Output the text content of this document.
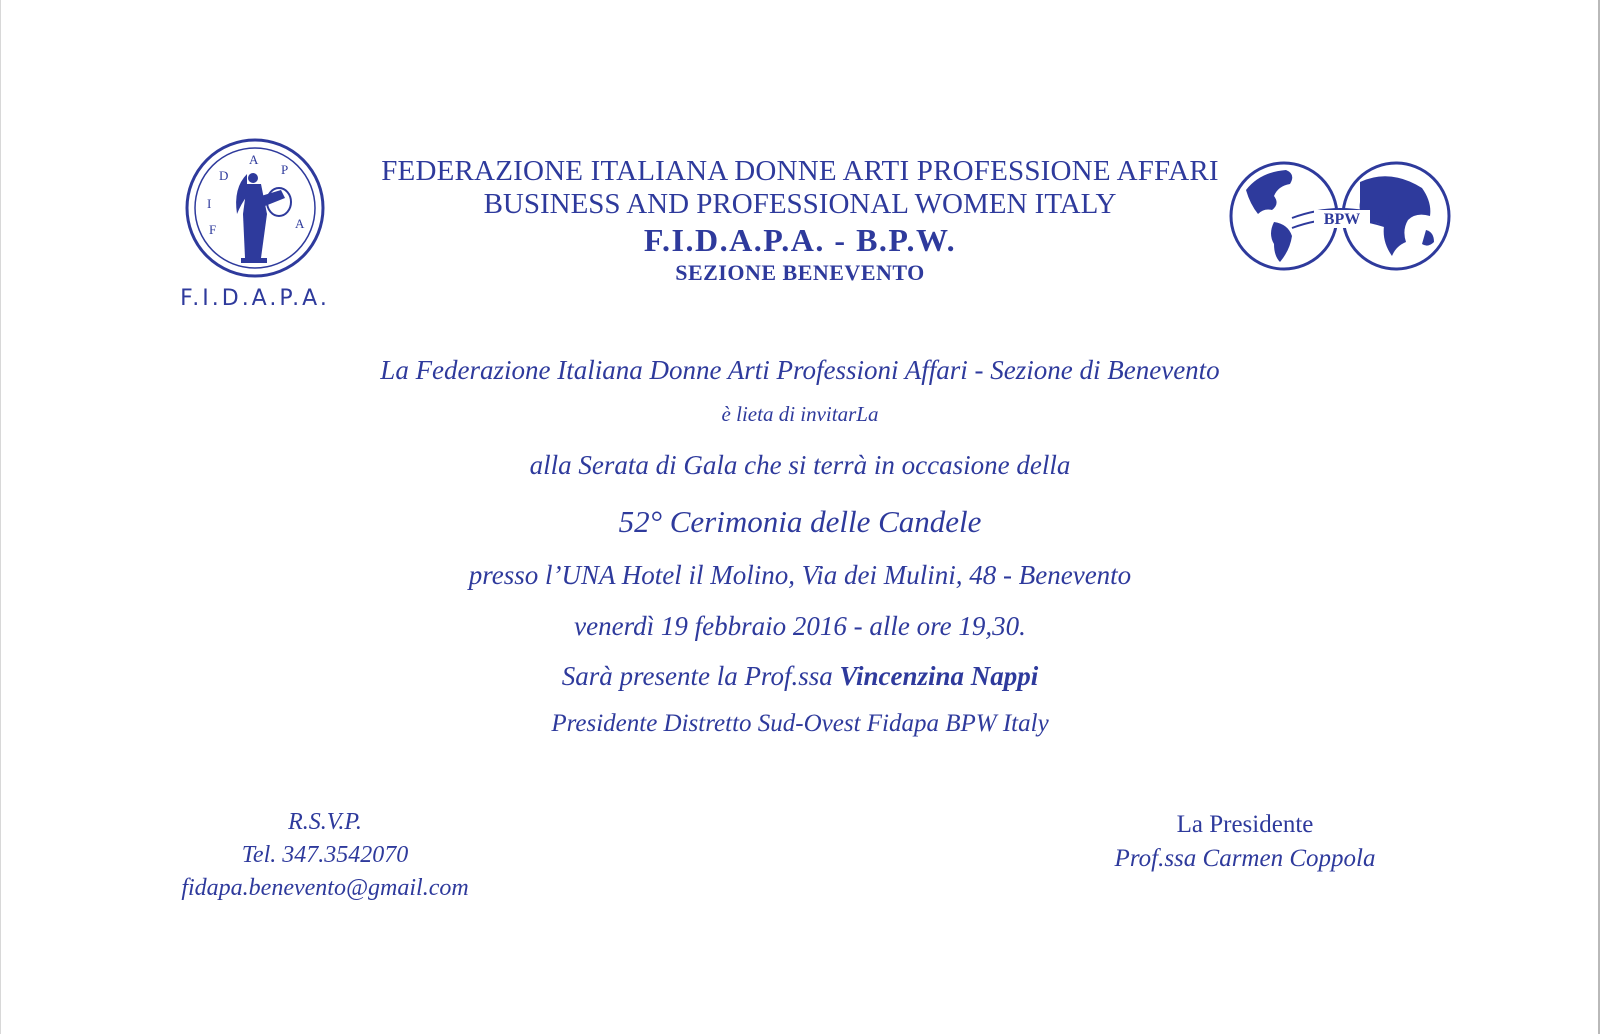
F
I
D
A
P
A
F.I.D.A.P.A.
FEDERAZIONE ITALIANA DONNE ARTI PROFESSIONE AFFARI
BUSINESS AND PROFESSIONAL WOMEN ITALY
F.I.D.A.P.A. - B.P.W.
SEZIONE BENEVENTO
BPW
La Federazione Italiana Donne Arti Professioni Affari - Sezione di Benevento
è lieta di invitarLa
alla Serata di Gala che si terrà in occasione della
52° Cerimonia delle Candele
presso l’UNA Hotel il Molino, Via dei Mulini, 48 - Benevento
venerdì 19 febbraio 2016 - alle ore 19,30.
Sarà presente la Prof.ssa Vincenzina Nappi
Presidente Distretto Sud-Ovest Fidapa BPW Italy
R.S.V.P.
Tel. 347.3542070
fidapa.benevento@gmail.com
La Presidente
Prof.ssa Carmen Coppola
